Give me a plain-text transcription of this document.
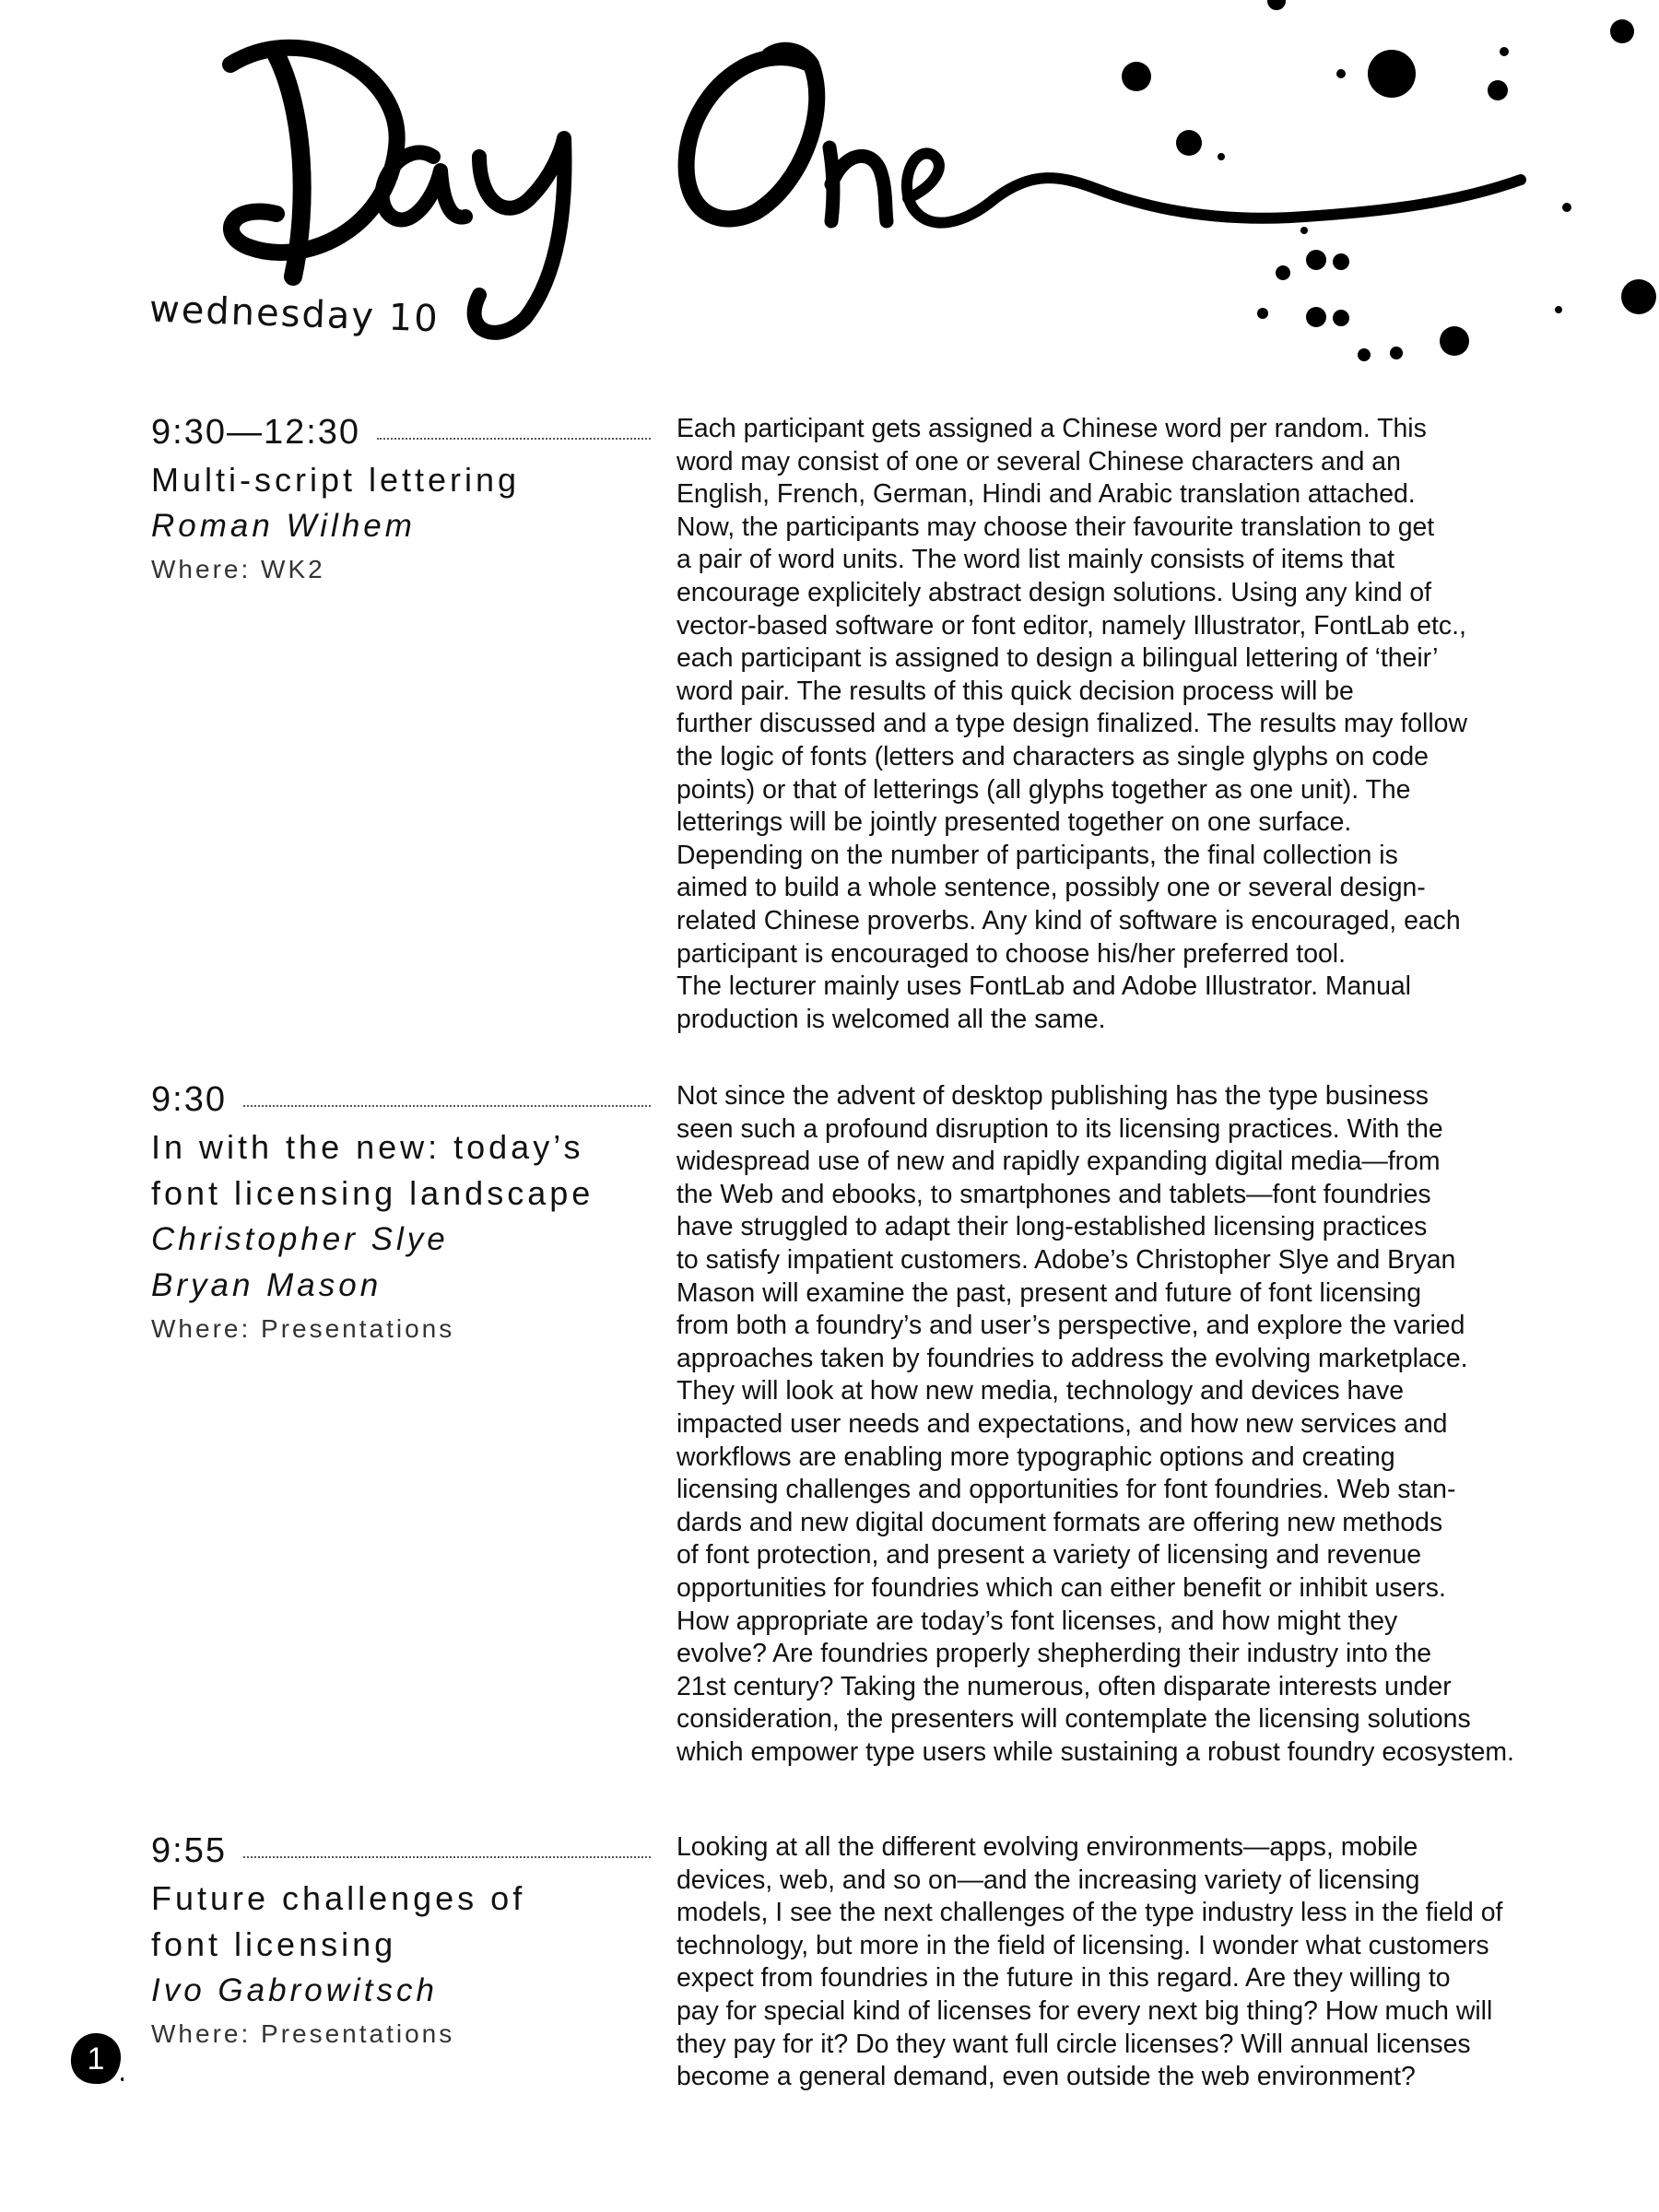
wednesday 10
9:30—12:30
Multi-script lettering
Roman Wilhem
Where: WK2
Each participant gets assigned a Chinese word per random. This
word may consist of one or several Chinese characters and an
English, French, German, Hindi and Arabic translation attached.
Now, the participants may choose their favourite translation to get
a pair of word units. The word list mainly consists of items that
encourage explicitely abstract design solutions. Using any kind of
vector-based software or font editor, namely Illustrator, FontLab etc.,
each participant is assigned to design a bilingual lettering of ‘their’
word pair. The results of this quick decision process will be
further discussed and a type design finalized. The results may follow
the logic of fonts (letters and characters as single glyphs on code
points) or that of letterings (all glyphs together as one unit). The
letterings will be jointly presented together on one surface.
Depending on the number of participants, the final collection is
aimed to build a whole sentence, possibly one or several design-
related Chinese proverbs. Any kind of software is encouraged, each
participant is encouraged to choose his/her preferred tool.
The lecturer mainly uses FontLab and Adobe Illustrator. Manual
production is welcomed all the same.
9:30
In with the new: today’s
font licensing landscape
Christopher Slye
Bryan Mason
Where: Presentations
Not since the advent of desktop publishing has the type business
seen such a profound disruption to its licensing practices. With the
widespread use of new and rapidly expanding digital media—from
the Web and ebooks, to smartphones and tablets—font foundries
have struggled to adapt their long-established licensing practices
to satisfy impatient customers. Adobe’s Christopher Slye and Bryan
Mason will examine the past, present and future of font licensing
from both a foundry’s and user’s perspective, and explore the varied
approaches taken by foundries to address the evolving marketplace.
They will look at how new media, technology and devices have
impacted user needs and expectations, and how new services and
workflows are enabling more typographic options and creating
licensing challenges and opportunities for font foundries. Web stan-
dards and new digital document formats are offering new methods
of font protection, and present a variety of licensing and revenue
opportunities for foundries which can either benefit or inhibit users.
How appropriate are today’s font licenses, and how might they
evolve? Are foundries properly shepherding their industry into the
21st century? Taking the numerous, often disparate interests under
consideration, the presenters will contemplate the licensing solutions
which empower type users while sustaining a robust foundry ecosystem.
9:55
Future challenges of
font licensing
Ivo Gabrowitsch
Where: Presentations
Looking at all the different evolving environments—apps, mobile
devices, web, and so on—and the increasing variety of licensing
models, I see the next challenges of the type industry less in the field of
technology, but more in the field of licensing. I wonder what customers
expect from foundries in the future in this regard. Are they willing to
pay for special kind of licenses for every next big thing? How much will
they pay for it? Do they want full circle licenses? Will annual licenses
become a general demand, even outside the web environment?
1
